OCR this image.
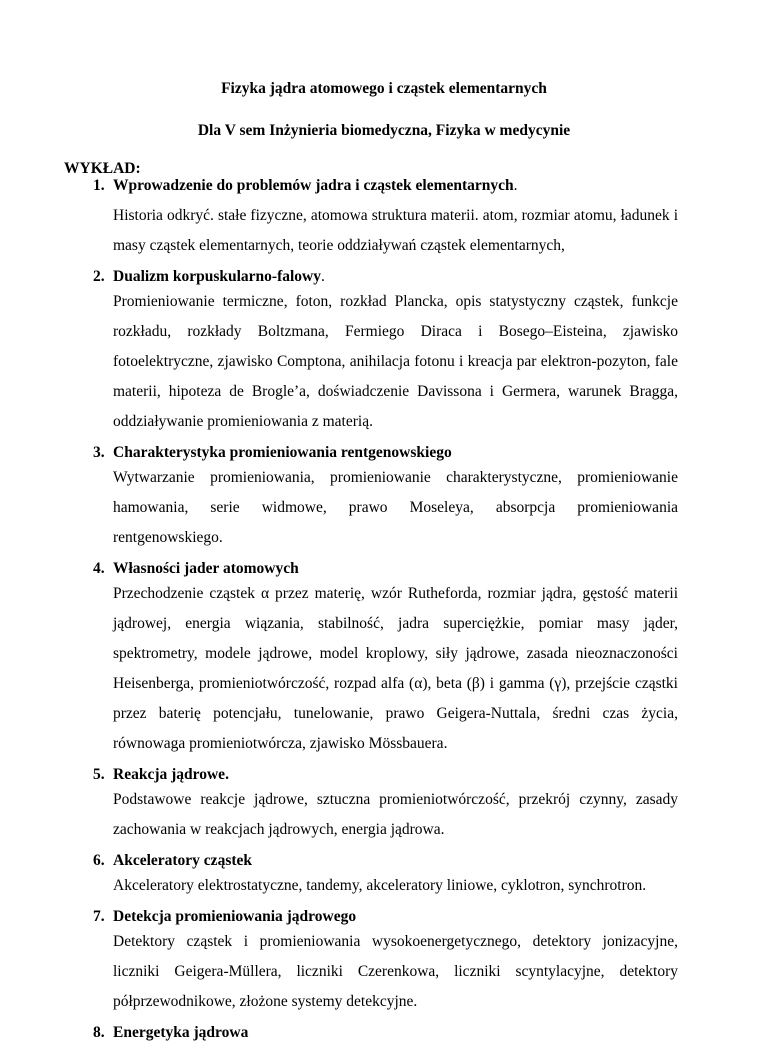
Fizyka jądra atomowego i cząstek elementarnych
Dla V sem Inżynieria biomedyczna, Fizyka w medycynie
WYKŁAD:
1. Wprowadzenie do problemów jadra i cząstek elementarnych.
Historia odkryć. stałe fizyczne, atomowa struktura materii. atom, rozmiar atomu, ładunek i masy cząstek elementarnych, teorie oddziaływań cząstek elementarnych,
2. Dualizm korpuskularno-falowy.
Promieniowanie termiczne, foton, rozkład Plancka, opis statystyczny cząstek, funkcje rozkładu, rozkłady Boltzmana, Fermiego Diraca i Bosego–Eisteina, zjawisko fotoelektryczne, zjawisko Comptona, anihilacja fotonu i kreacja par elektron-pozyton, fale materii, hipoteza de Brogle’a, doświadczenie Davissona i Germera, warunek Bragga, oddziaływanie promieniowania z materią.
3. Charakterystyka promieniowania rentgenowskiego
Wytwarzanie promieniowania, promieniowanie charakterystyczne, promieniowanie hamowania, serie widmowe, prawo Moseleya, absorpcja promieniowania rentgenowskiego.
4. Własności jader atomowych
Przechodzenie cząstek α przez materię, wzór Rutheforda, rozmiar jądra, gęstość materii jądrowej, energia wiązania, stabilność, jadra superciężkie, pomiar masy jąder, spektrometry, modele jądrowe, model kroplowy, siły jądrowe, zasada nieoznaczoności Heisenberga, promieniotwórczość, rozpad alfa (α), beta (β) i gamma (γ), przejście cząstki przez baterię potencjału, tunelowanie, prawo Geigera-Nuttala, średni czas życia, równowaga promieniotwórcza, zjawisko Mössbauera.
5. Reakcja jądrowe.
Podstawowe reakcje jądrowe, sztuczna promieniotwórczość, przekrój czynny, zasady zachowania w reakcjach jądrowych, energia jądrowa.
6. Akceleratory cząstek
Akceleratory elektrostatyczne, tandemy, akceleratory liniowe, cyklotron, synchrotron.
7. Detekcja promieniowania jądrowego
Detektory cząstek i promieniowania wysokoenergetycznego, detektory jonizacyjne, liczniki Geigera-Müllera, liczniki Czerenkowa, liczniki scyntylacyjne, detektory półprzewodnikowe, złożone systemy detekcyjne.
8. Energetyka jądrowa
